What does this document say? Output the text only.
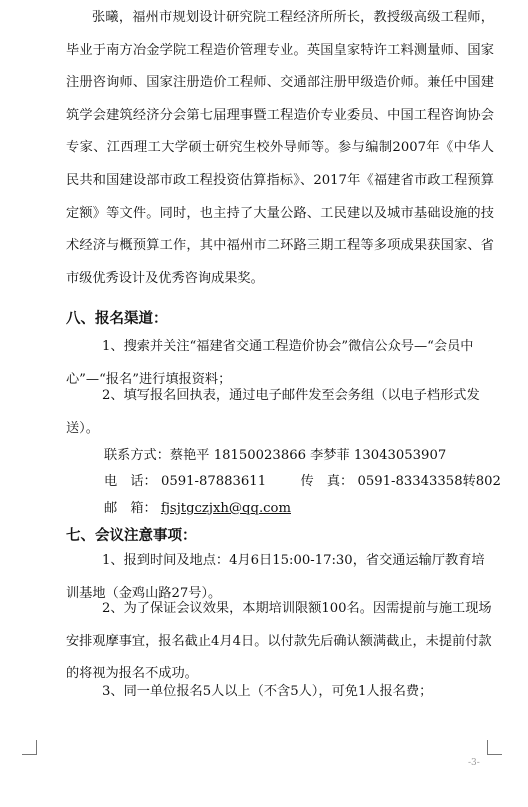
张曦，福州市规划设计研究院工程经济所所长，教授级高级工程师，毕业于南方冶金学院工程造价管理专业。英国皇家特许工料测量师、国家注册咨询师、国家注册造价工程师、交通部注册甲级造价师。兼任中国建筑学会建筑经济分会第七届理事暨工程造价专业委员、中国工程咨询协会专家、江西理工大学硕士研究生校外导师等。参与编制2007年《中华人民共和国建设部市政工程投资估算指标》、2017年《福建省市政工程预算定额》等文件。同时，也主持了大量公路、工民建以及城市基础设施的技术经济与概预算工作，其中福州市二环路三期工程等多项成果获国家、省市级优秀设计及优秀咨询成果奖。
八、报名渠道：
1、搜索并关注“福建省交通工程造价协会”微信公众号—“会员中心”—“报名”进行填报资料；
2、填写报名回执表，通过电子邮件发至会务组（以电子档形式发送）。
联系方式：蔡艳平 18150023866 李梦菲 13043053907
电　话： 0591-87883611	传　真： 0591-83343358转802
邮　箱： fjsjtgczjxh@qq.com
七、会议注意事项：
1、报到时间及地点：4月6日15:00-17:30，省交通运输厅教育培训基地（金鸡山路27号）。
2、为了保证会议效果，本期培训限额100名。因需提前与施工现场安排观摩事宜，报名截止4月4日。以付款先后确认额满截止，未提前付款的将视为报名不成功。
3、同一单位报名5人以上（不含5人），可免1人报名费；
-3-
